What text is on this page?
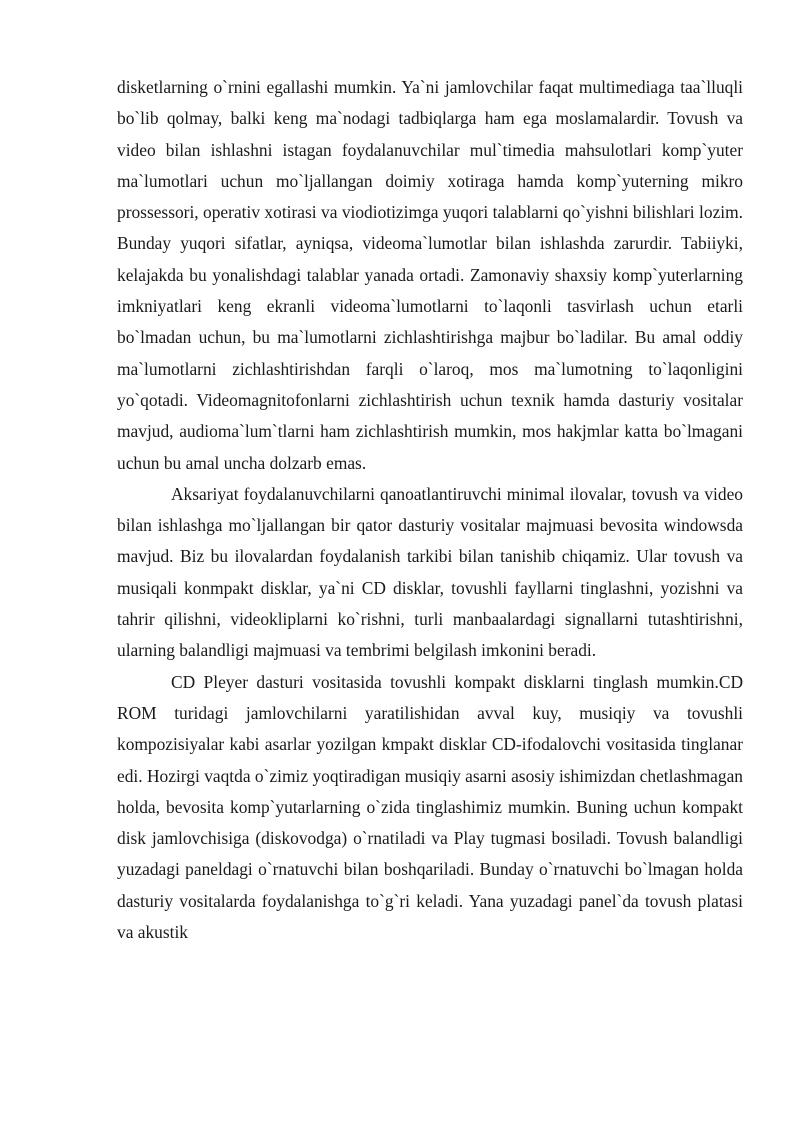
disketlarning o`rnini egallashi mumkin. Ya`ni jamlovchilar faqat multimediaga taa`lluqli bo`lib qolmay, balki keng ma`nodagi tadbiqlarga ham ega moslamalardir. Tovush va video bilan ishlashni istagan foydalanuvchilar mul`timedia mahsulotlari komp`yuter ma`lumotlari uchun mo`ljallangan doimiy xotiraga hamda komp`yuterning mikro prossessori, operativ xotirasi va viodiotizimga yuqori talablarni qo`yishni bilishlari lozim. Bunday yuqori sifatlar, ayniqsa, videoma`lumotlar bilan ishlashda zarurdir. Tabiiyki, kelajakda bu yonalishdagi talablar yanada ortadi. Zamonaviy shaxsiy komp`yuterlarning imkniyatlari keng ekranli videoma`lumotlarni to`laqonli tasvirlash uchun etarli bo`lmadan uchun, bu ma`lumotlarni zichlashtirishga majbur bo`ladilar. Bu amal oddiy ma`lumotlarni zichlashtirishdan farqli o`laroq, mos ma`lumotning to`laqonligini yo`qotadi. Videomagnitofonlarni zichlashtirish uchun texnik hamda dasturiy vositalar mavjud, audioma`lum`tlarni ham zichlashtirish mumkin, mos hakjmlar katta bo`lmagani uchun bu amal uncha dolzarb emas.

Aksariyat foydalanuvchilarni qanoatlantiruvchi minimal ilovalar, tovush va video bilan ishlashga mo`ljallangan bir qator dasturiy vositalar majmuasi bevosita windowsda mavjud. Biz bu ilovalardan foydalanish tarkibi bilan tanishib chiqamiz. Ular tovush va musiqali konmpakt disklar, ya`ni CD disklar, tovushli fayllarni tinglashni, yozishni va tahrir qilishni, videokliplarni ko`rishni, turli manbaalardagi signallarni tutashtirishni, ularning balandligi majmuasi va tembrimi belgilash imkonini beradi.

CD Pleyer dasturi vositasida tovushli kompakt disklarni tinglash mumkin.CD ROM turidagi jamlovchilarni yaratilishidan avval kuy, musiqiy va tovushli kompozisiyalar kabi asarlar yozilgan kmpakt disklar CD-ifodalovchi vositasida tinglanar edi. Hozirgi vaqtda o`zimiz yoqtiradigan musiqiy asarni asosiy ishimizdan chetlashmagan holda, bevosita komp`yutarlarning o`zida tinglashimiz mumkin. Buning uchun kompakt disk jamlovchisiga (diskovodga) o`rnatiladi va Play tugmasi bosiladi. Tovush balandligi yuzadagi paneldagi o`rnatuvchi bilan boshqariladi. Bunday o`rnatuvchi bo`lmagan holda dasturiy vositalarda foydalanishga to`g`ri keladi. Yana yuzadagi panel`da tovush platasi va akustik
